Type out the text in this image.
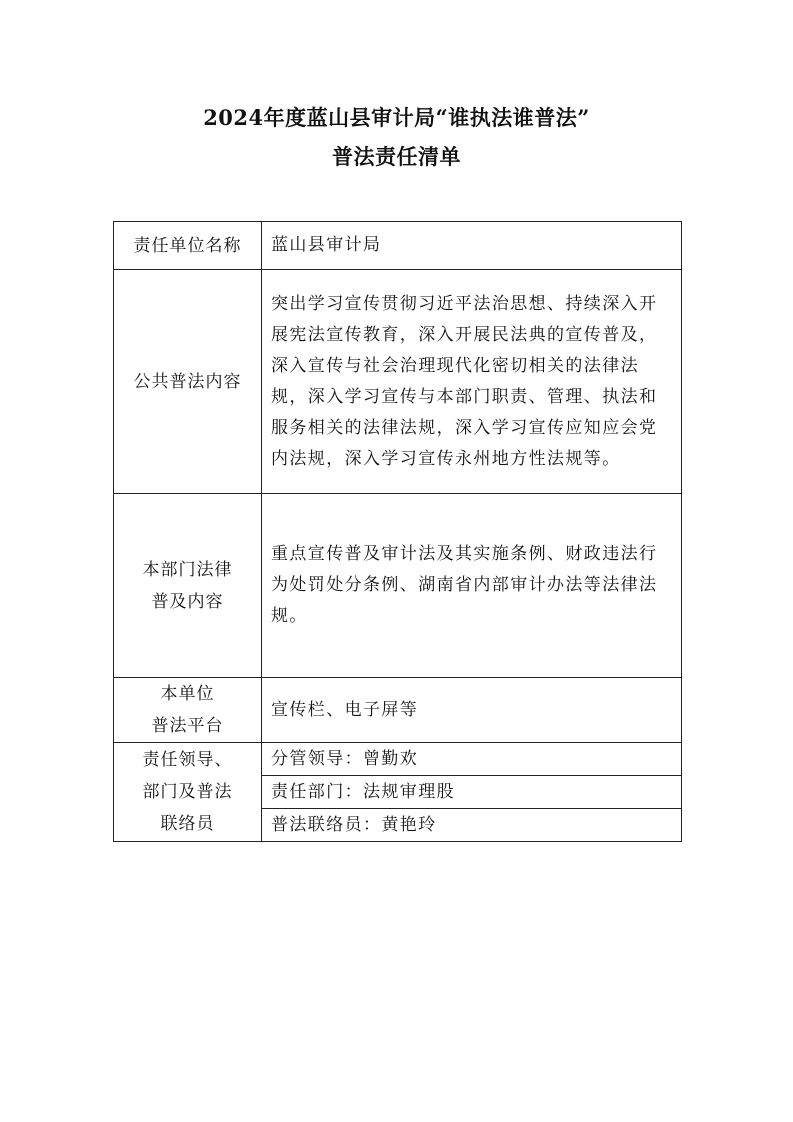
2024年度蓝山县审计局“谁执法谁普法”
普法责任清单
责任单位名称	蓝山县审计局
公共普法内容	突出学习宣传贯彻习近平法治思想、持续深入开展宪法宣传教育，深入开展民法典的宣传普及，深入宣传与社会治理现代化密切相关的法律法规，深入学习宣传与本部门职责、管理、执法和服务相关的法律法规，深入学习宣传应知应会党内法规，深入学习宣传永州地方性法规等。

本部门法律
普及内容	重点宣传普及审计法及其实施条例、财政违法行为处罚处分条例、湖南省内部审计办法等法律法规。

本单位
普法平台	宣传栏、电子屏等

责任领导、
部门及普法
联络员	分管领导：曾勤欢
	责任部门：法规审理股
	普法联络员：黄艳玲
